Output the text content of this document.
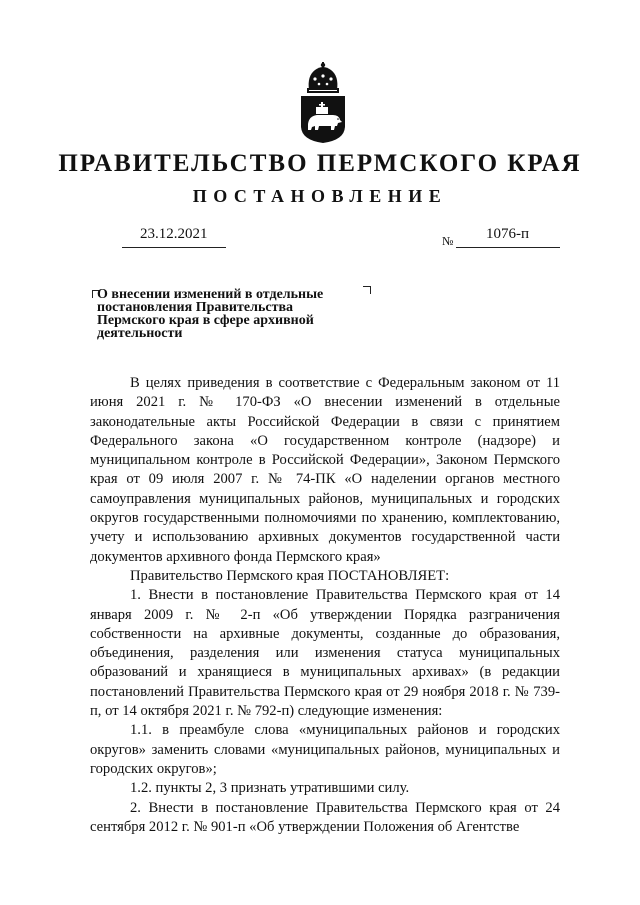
ПРАВИТЕЛЬСТВО ПЕРМСКОГО КРАЯ
ПОСТАНОВЛЕНИЕ
23.12.2021	№ 1076-п
О внесении изменений в отдельные постановления Правительства Пермского края в сфере архивной деятельности

В целях приведения в соответствие с Федеральным законом от 11 июня 2021 г. № 170-ФЗ «О внесении изменений в отдельные законодательные акты Российской Федерации в связи с принятием Федерального закона «О государственном контроле (надзоре) и муниципальном контроле в Российской Федерации», Законом Пермского края от 09 июля 2007 г. № 74-ПК «О наделении органов местного самоуправления муниципальных районов, муниципальных и городских округов государственными полномочиями по хранению, комплектованию, учету и использованию архивных документов государственной части документов архивного фонда Пермского края»

Правительство Пермского края ПОСТАНОВЛЯЕТ:

1. Внести в постановление Правительства Пермского края от 14 января 2009 г. № 2-п «Об утверждении Порядка разграничения собственности на архивные документы, созданные до образования, объединения, разделения или изменения статуса муниципальных образований и хранящиеся в муниципальных архивах» (в редакции постановлений Правительства Пермского края от 29 ноября 2018 г. № 739-п, от 14 октября 2021 г. № 792-п) следующие изменения:

1.1. в преамбуле слова «муниципальных районов и городских округов» заменить словами «муниципальных районов, муниципальных и городских округов»;

1.2. пункты 2, 3 признать утратившими силу.

2. Внести в постановление Правительства Пермского края от 24 сентября 2012 г. № 901-п «Об утверждении Положения об Агентстве
